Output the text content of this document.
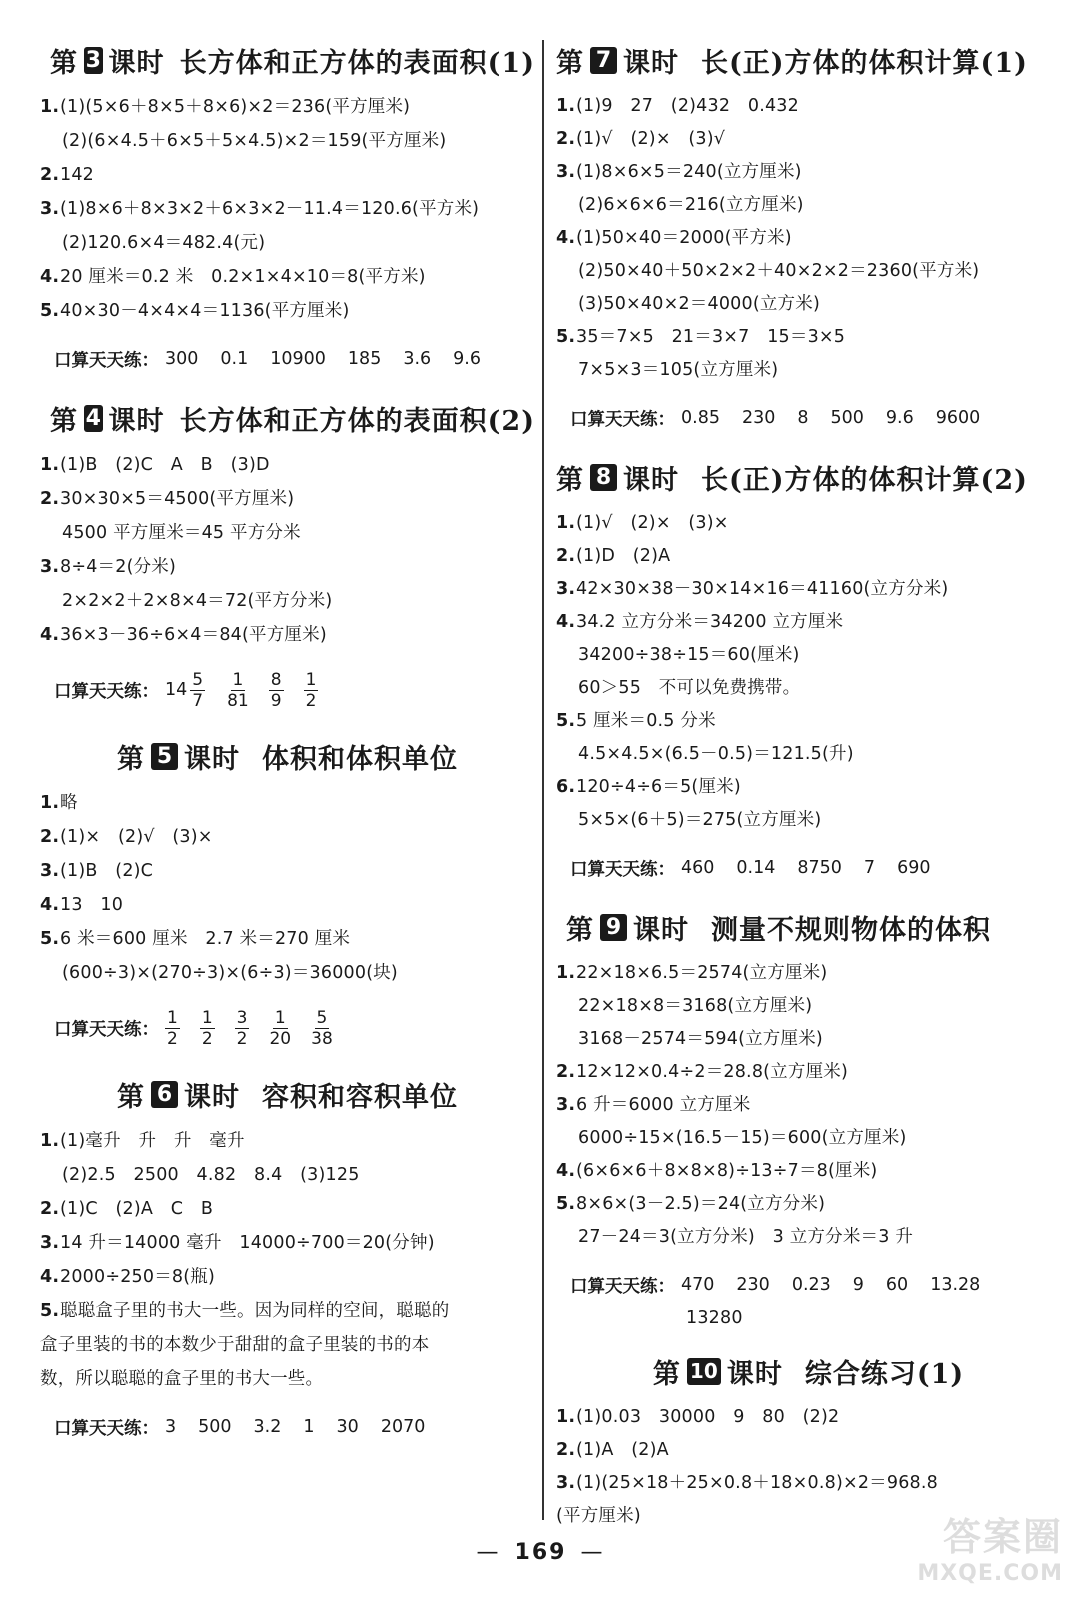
第 3 课时 长方体和正方体的表面积(1)
1.(1)(5×6＋8×5＋8×6)×2＝236(平方厘米)
(2)(6×4.5＋6×5＋5×4.5)×2＝159(平方厘米)
2.142
3.(1)8×6＋8×3×2＋6×3×2－11.4＝120.6(平方米)
(2)120.6×4＝482.4(元)
4.20 厘米＝0.2 米　0.2×1×4×10＝8(平方米)
5.40×30－4×4×4＝1136(平方厘米)
口算天天练： 300 0.1 10900 185 3.6 9.6
第 4 课时 长方体和正方体的表面积(2)
1.(1)B　(2)C　A　B　(3)D
2.30×30×5＝4500(平方厘米)
4500 平方厘米＝45 平方分米
3.8÷4＝2(分米)
2×2×2＋2×8×4＝72(平方分米)
4.36×3－36÷6×4＝84(平方厘米)
口算天天练： $14 \frac{5}{7} \frac{1}{81} \frac{8}{9} \frac{1}{2}$
第 5 课时 体积和体积单位
1.略
2.(1)×　(2)√　(3)×
3.(1)B　(2)C
4.13　10
5.6 米＝600 厘米　2.7 米＝270 厘米
(600÷3)×(270÷3)×(6÷3)＝36000(块)
口算天天练： $\frac{1}{2} \frac{1}{2} \frac{3}{2} \frac{1}{20} \frac{5}{38}$
第 6 课时 容积和容积单位
1.(1)毫升　升　升　毫升
(2)2.5　2500　4.82　8.4　(3)125
2.(1)C　(2)A　C　B
3.14 升＝14000 毫升　14000÷700＝20(分钟)
4.2000÷250＝8(瓶)
5.聪聪盒子里的书大一些。因为同样的空间，聪聪的
盒子里装的书的本数少于甜甜的盒子里装的书的本
数，所以聪聪的盒子里的书大一些。
口算天天练： 3 500 3.2 1 30 2070
第 7 课时 长(正)方体的体积计算(1)
1.(1)9　27　(2)432　0.432
2.(1)√　(2)×　(3)√
3.(1)8×6×5＝240(立方厘米)
(2)6×6×6＝216(立方厘米)
4.(1)50×40＝2000(平方米)
(2)50×40＋50×2×2＋40×2×2＝2360(平方米)
(3)50×40×2＝4000(立方米)
5.35＝7×5　21＝3×7　15＝3×5
7×5×3＝105(立方厘米)
口算天天练： 0.85 230 8 500 9.6 9600
第 8 课时 长(正)方体的体积计算(2)
1.(1)√　(2)×　(3)×
2.(1)D　(2)A
3.42×30×38－30×14×16＝41160(立方分米)
4.34.2 立方分米＝34200 立方厘米
34200÷38÷15＝60(厘米)
60＞55　不可以免费携带。
5.5 厘米＝0.5 分米
4.5×4.5×(6.5－0.5)＝121.5(升)
6.120÷4÷6＝5(厘米)
5×5×(6＋5)＝275(立方厘米)
口算天天练： 460 0.14 8750 7 690
第 9 课时 测量不规则物体的体积
1.22×18×6.5＝2574(立方厘米)
22×18×8＝3168(立方厘米)
3168－2574＝594(立方厘米)
2.12×12×0.4÷2＝28.8(立方厘米)
3.6 升＝6000 立方厘米
6000÷15×(16.5－15)＝600(立方厘米)
4.(6×6×6＋8×8×8)÷13÷7＝8(厘米)
5.8×6×(3－2.5)＝24(立方分米)
27－24＝3(立方分米)　3 立方分米＝3 升
口算天天练： 470 230 0.23 9 60 13.28
13280
第 10 课时 综合练习(1)
1.(1)0.03　30000　9　80　(2)2
2.(1)A　(2)A
3.(1)(25×18＋25×0.8＋18×0.8)×2＝968.8
(平方厘米)
— 169 —	答案圈
MXQE.COM
